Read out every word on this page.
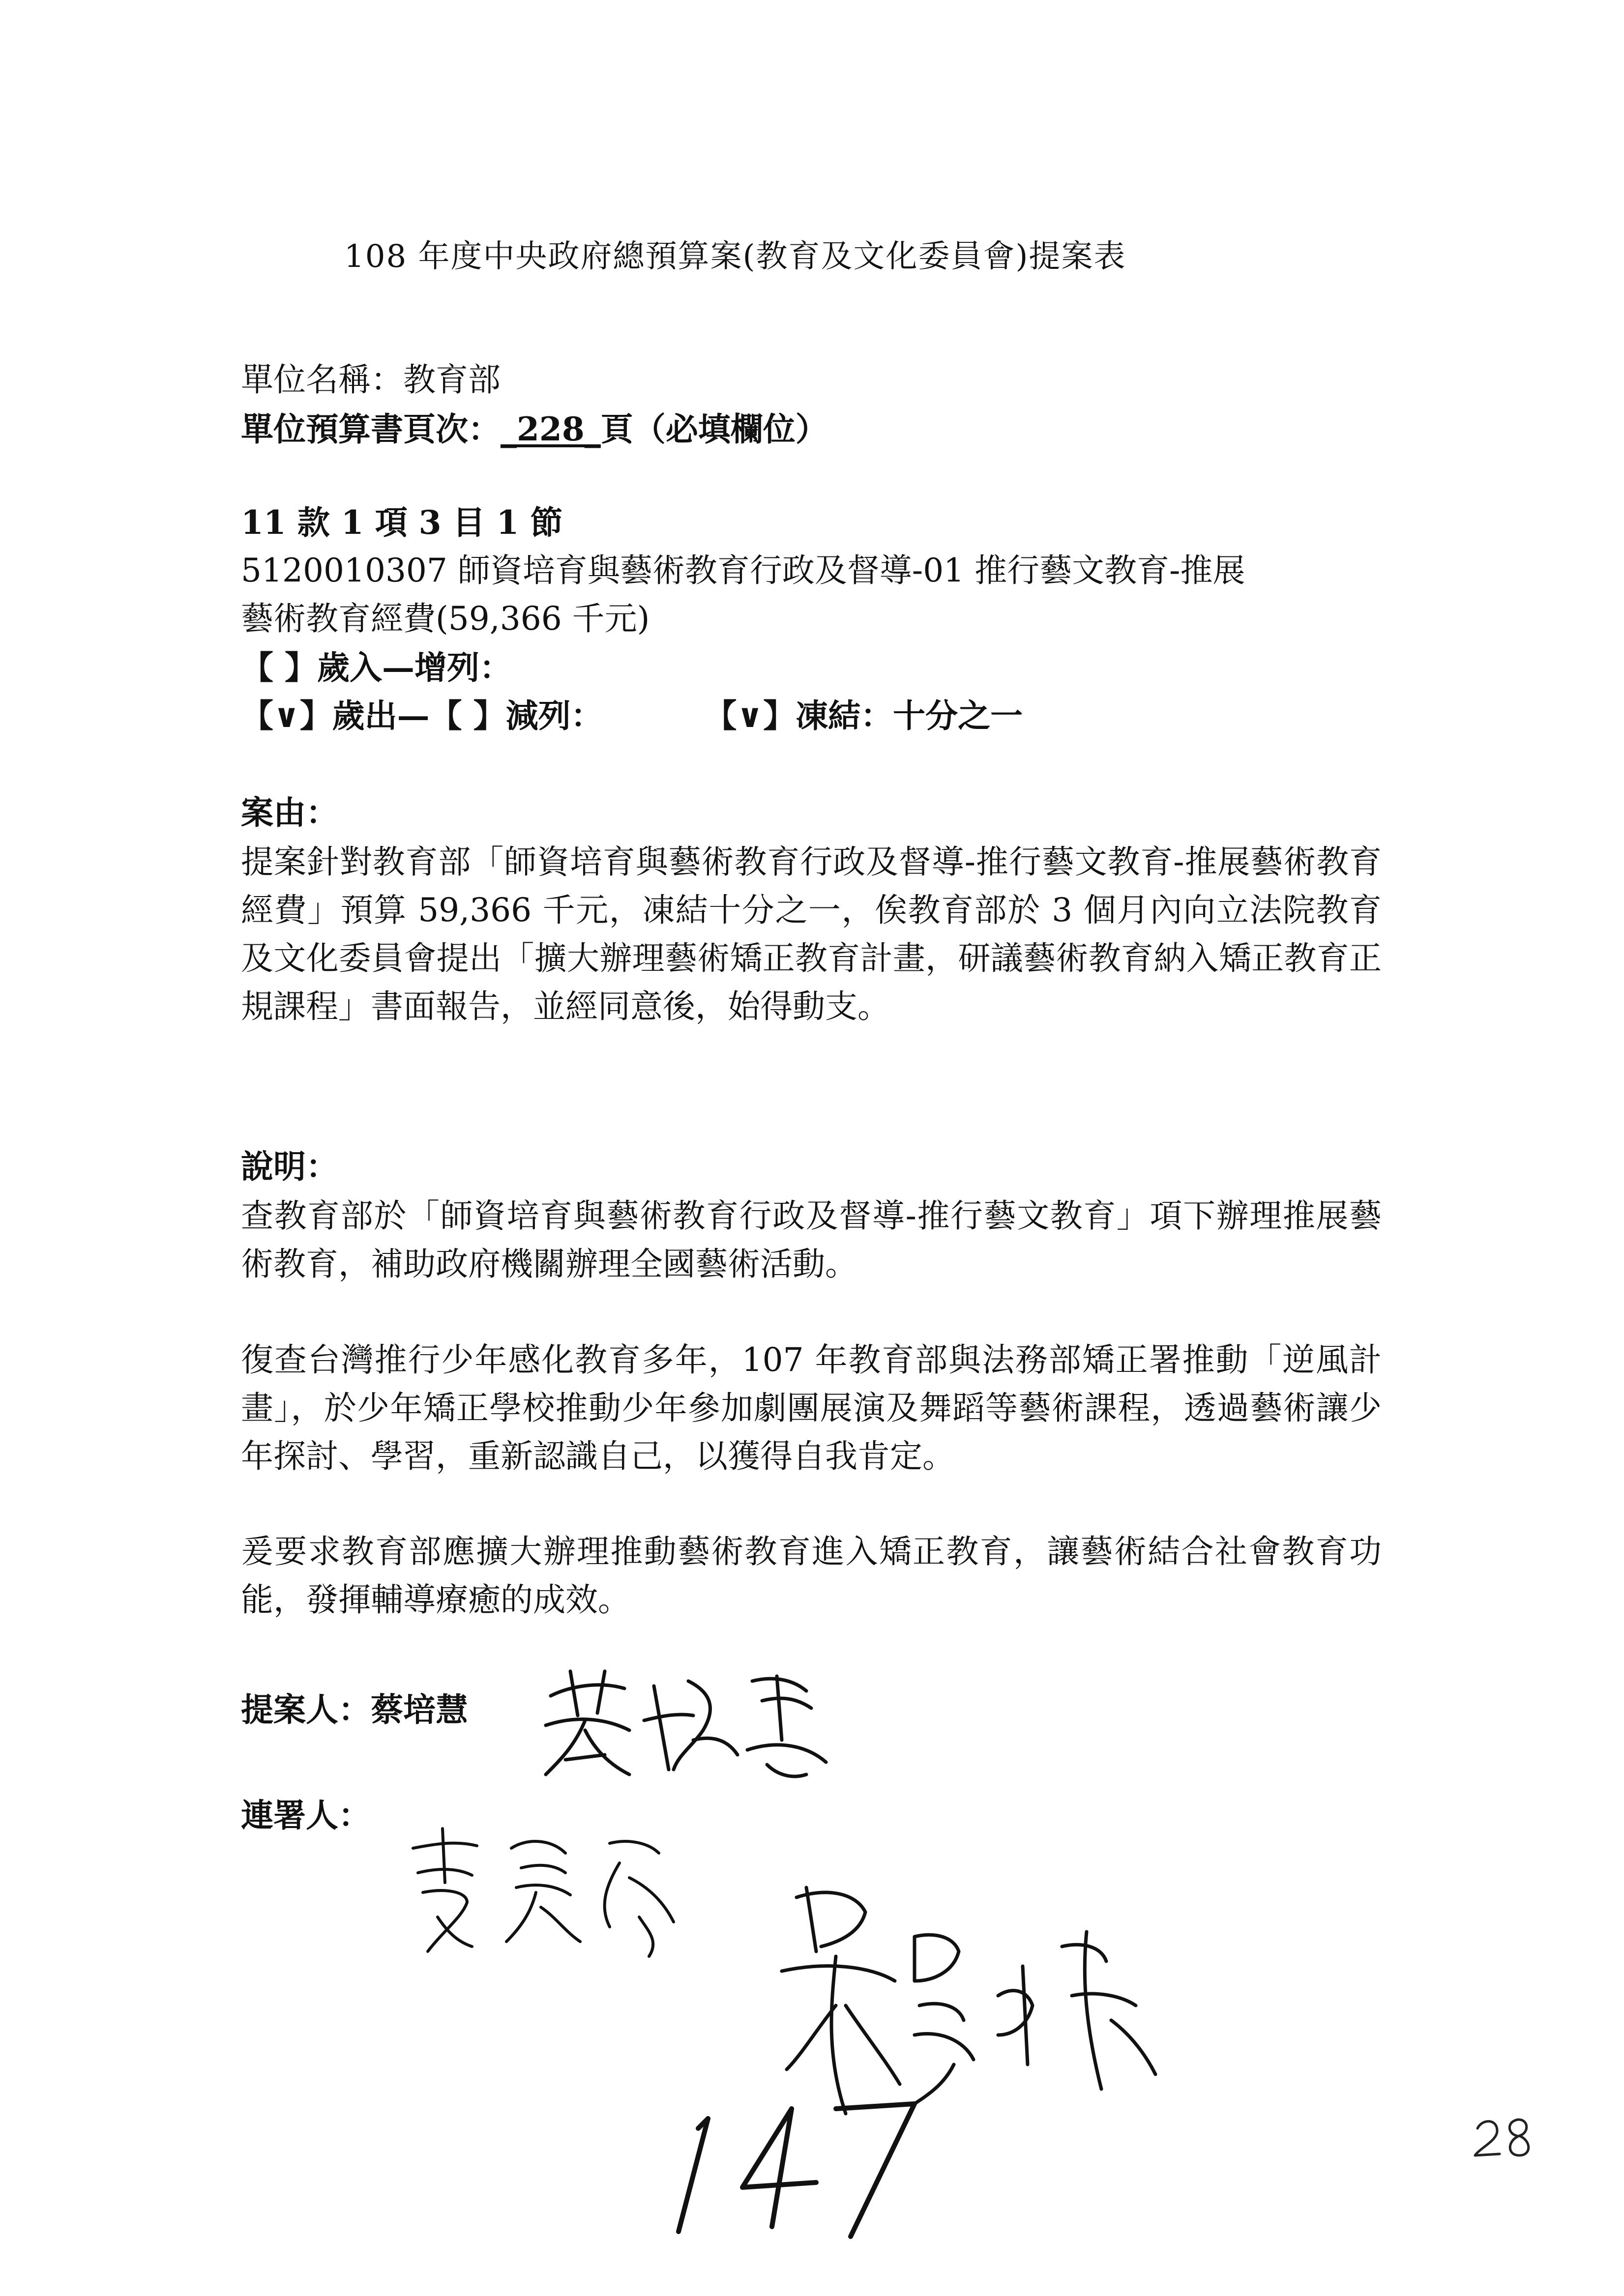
108 年度中央政府總預算案(教育及文化委員會)提案表
單位名稱：教育部
單位預算書頁次：_228_頁（必填欄位）
11 款 1 項 3 目 1 節
5120010307 師資培育與藝術教育行政及督導-01 推行藝文教育-推展
藝術教育經費(59,366 千元)
【 】歲入—增列：
【∨】歲出—【 】減列：	【∨】凍結：十分之一
案由：
提案針對教育部「師資培育與藝術教育行政及督導-推行藝文教育-推展藝術教育經費」預算 59,366 千元，凍結十分之一，俟教育部於 3 個月內向立法院教育及文化委員會提出「擴大辦理藝術矯正教育計畫，研議藝術教育納入矯正教育正規課程」書面報告，並經同意後，始得動支。
說明：
查教育部於「師資培育與藝術教育行政及督導-推行藝文教育」項下辦理推展藝術教育，補助政府機關辦理全國藝術活動。
復查台灣推行少年感化教育多年，107 年教育部與法務部矯正署推動「逆風計畫」，於少年矯正學校推動少年參加劇團展演及舞蹈等藝術課程，透過藝術讓少年探討、學習，重新認識自己，以獲得自我肯定。
爰要求教育部應擴大辦理推動藝術教育進入矯正教育，讓藝術結合社會教育功能，發揮輔導療癒的成效。
提案人：蔡培慧
連署人：
